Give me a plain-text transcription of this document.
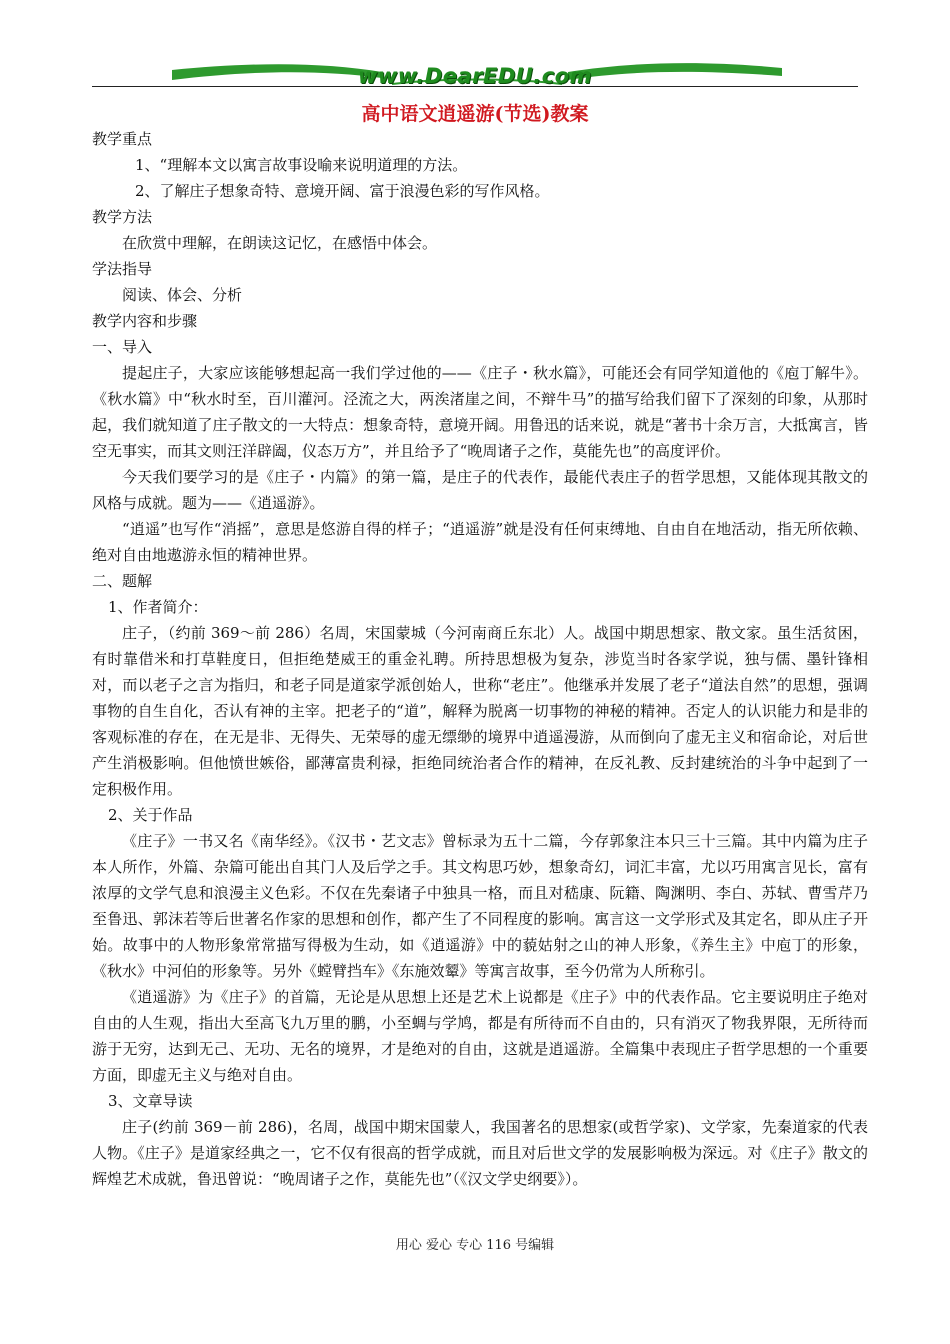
www.DearEDU.com
高中语文逍遥游(节选)教案

教学重点

1、“理解本文以寓言故事设喻来说明道理的方法。

2、了解庄子想象奇特、意境开阔、富于浪漫色彩的写作风格。

教学方法

在欣赏中理解，在朗读这记忆，在感悟中体会。

学法指导

阅读、体会、分析

教学内容和步骤

一、导入

提起庄子，大家应该能够想起高一我们学过他的——《庄子・秋水篇》，可能还会有同学知道他的《庖丁解牛》。《秋水篇》中“秋水时至，百川灌河。泾流之大，两涘渚崖之间，不辩牛马”的描写给我们留下了深刻的印象，从那时起，我们就知道了庄子散文的一大特点：想象奇特，意境开阔。用鲁迅的话来说，就是“著书十余万言，大抵寓言，皆空无事实，而其文则汪洋辟阖，仪态万方”，并且给予了“晚周诸子之作，莫能先也”的高度评价。

今天我们要学习的是《庄子・内篇》的第一篇，是庄子的代表作，最能代表庄子的哲学思想，又能体现其散文的风格与成就。题为——《逍遥游》。

“逍遥”也写作“消摇”，意思是悠游自得的样子；“逍遥游”就是没有任何束缚地、自由自在地活动，指无所依赖、绝对自由地遨游永恒的精神世界。

二、题解

1、作者简介：

庄子，（约前 369～前 286）名周，宋国蒙城（今河南商丘东北）人。战国中期思想家、散文家。虽生活贫困，有时靠借米和打草鞋度日，但拒绝楚威王的重金礼聘。所持思想极为复杂，涉览当时各家学说，独与儒、墨针锋相对，而以老子之言为指归，和老子同是道家学派创始人，世称“老庄”。他继承并发展了老子“道法自然”的思想，强调事物的自生自化，否认有神的主宰。把老子的“道”，解释为脱离一切事物的神秘的精神。否定人的认识能力和是非的客观标准的存在，在无是非、无得失、无荣辱的虚无缥缈的境界中逍遥漫游，从而倒向了虚无主义和宿命论，对后世产生消极影响。但他愤世嫉俗，鄙薄富贵利禄，拒绝同统治者合作的精神，在反礼教、反封建统治的斗争中起到了一定积极作用。

2、关于作品

《庄子》一书又名《南华经》。《汉书・艺文志》曾标录为五十二篇，今存郭象注本只三十三篇。其中内篇为庄子本人所作，外篇、杂篇可能出自其门人及后学之手。其文构思巧妙，想象奇幻，词汇丰富，尤以巧用寓言见长，富有浓厚的文学气息和浪漫主义色彩。不仅在先秦诸子中独具一格，而且对嵇康、阮籍、陶渊明、李白、苏轼、曹雪芹乃至鲁迅、郭沫若等后世著名作家的思想和创作，都产生了不同程度的影响。寓言这一文学形式及其定名，即从庄子开始。故事中的人物形象常常描写得极为生动，如《逍遥游》中的藐姑射之山的神人形象，《养生主》中庖丁的形象，《秋水》中河伯的形象等。另外《螳臂挡车》《东施效颦》等寓言故事，至今仍常为人所称引。

《逍遥游》为《庄子》的首篇，无论是从思想上还是艺术上说都是《庄子》中的代表作品。它主要说明庄子绝对自由的人生观，指出大至高飞九万里的鹏，小至蜩与学鸠，都是有所待而不自由的，只有消灭了物我界限，无所待而游于无穷，达到无己、无功、无名的境界，才是绝对的自由，这就是逍遥游。全篇集中表现庄子哲学思想的一个重要方面，即虚无主义与绝对自由。

3、文章导读

庄子(约前 369－前 286)，名周，战国中期宋国蒙人，我国著名的思想家(或哲学家)、文学家，先秦道家的代表人物。《庄子》是道家经典之一，它不仅有很高的哲学成就，而且对后世文学的发展影响极为深远。对《庄子》散文的辉煌艺术成就，鲁迅曾说：“晚周诸子之作，莫能先也”（《汉文学史纲要》）。

用心 爱心 专心 116 号编辑
